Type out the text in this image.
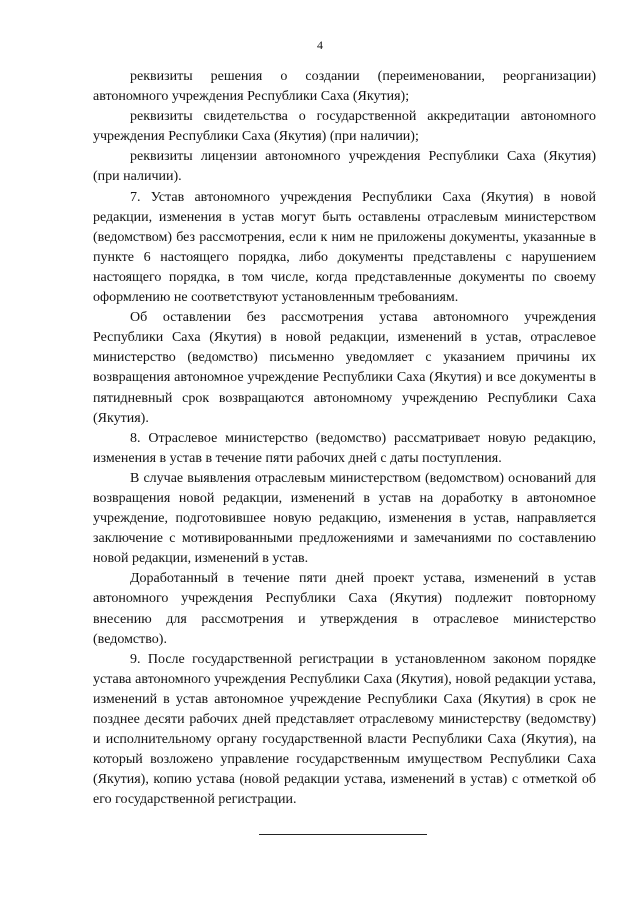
4

реквизиты решения о создании (переименовании, реорганизации) автономного учреждения Республики Саха (Якутия);

реквизиты свидетельства о государственной аккредитации автономного учреждения Республики Саха (Якутия) (при наличии);

реквизиты лицензии автономного учреждения Республики Саха (Якутия) (при наличии).

7. Устав автономного учреждения Республики Саха (Якутия) в новой редакции, изменения в устав могут быть оставлены отраслевым министерством (ведомством) без рассмотрения, если к ним не приложены документы, указанные в пункте 6 настоящего порядка, либо документы представлены с нарушением настоящего порядка, в том числе, когда представленные документы по своему оформлению не соответствуют установленным требованиям.

Об оставлении без рассмотрения устава автономного учреждения Республики Саха (Якутия) в новой редакции, изменений в устав, отраслевое министерство (ведомство) письменно уведомляет с указанием причины их возвращения автономное учреждение Республики Саха (Якутия) и все документы в пятидневный срок возвращаются автономному учреждению Республики Саха (Якутия).

8. Отраслевое министерство (ведомство) рассматривает новую редакцию, изменения в устав в течение пяти рабочих дней с даты поступления.

В случае выявления отраслевым министерством (ведомством) оснований для возвращения новой редакции, изменений в устав на доработку в автономное учреждение, подготовившее новую редакцию, изменения в устав, направляется заключение с мотивированными предложениями и замечаниями по составлению новой редакции, изменений в устав.

Доработанный в течение пяти дней проект устава, изменений в устав автономного учреждения Республики Саха (Якутия) подлежит повторному внесению для рассмотрения и утверждения в отраслевое министерство (ведомство).

9. После государственной регистрации в установленном законом порядке устава автономного учреждения Республики Саха (Якутия), новой редакции устава, изменений в устав автономное учреждение Республики Саха (Якутия) в срок не позднее десяти рабочих дней представляет отраслевому министерству (ведомству) и исполнительному органу государственной власти Республики Саха (Якутия), на который возложено управление государственным имуществом Республики Саха (Якутия), копию устава (новой редакции устава, изменений в устав) с отметкой об его государственной регистрации.
